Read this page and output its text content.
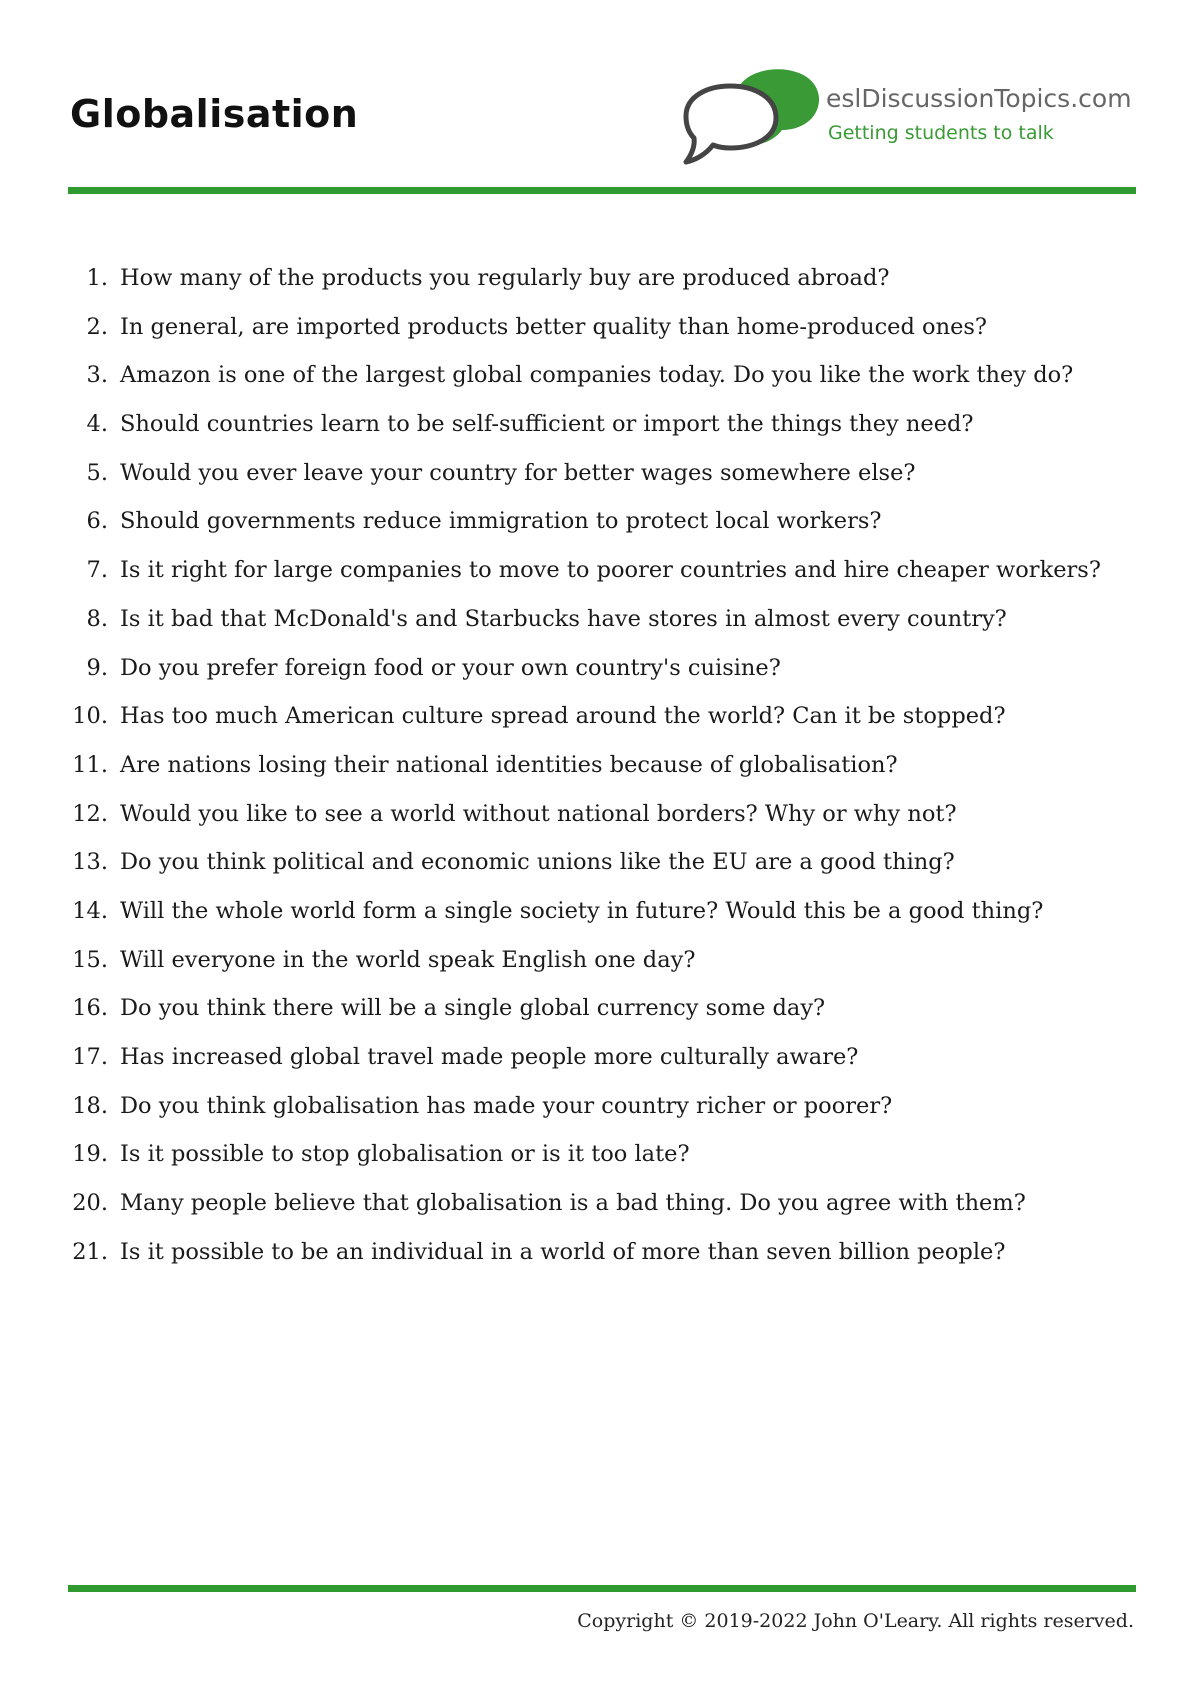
Globalisation	eslDiscussionTopics.com
Getting students to talk
1. How many of the products you regularly buy are produced abroad?
2. In general, are imported products better quality than home-produced ones?
3. Amazon is one of the largest global companies today. Do you like the work they do?
4. Should countries learn to be self-sufficient or import the things they need?
5. Would you ever leave your country for better wages somewhere else?
6. Should governments reduce immigration to protect local workers?
7. Is it right for large companies to move to poorer countries and hire cheaper workers?
8. Is it bad that McDonald's and Starbucks have stores in almost every country?
9. Do you prefer foreign food or your own country's cuisine?
10. Has too much American culture spread around the world? Can it be stopped?
11. Are nations losing their national identities because of globalisation?
12. Would you like to see a world without national borders? Why or why not?
13. Do you think political and economic unions like the EU are a good thing?
14. Will the whole world form a single society in future? Would this be a good thing?
15. Will everyone in the world speak English one day?
16. Do you think there will be a single global currency some day?
17. Has increased global travel made people more culturally aware?
18. Do you think globalisation has made your country richer or poorer?
19. Is it possible to stop globalisation or is it too late?
20. Many people believe that globalisation is a bad thing. Do you agree with them?
21. Is it possible to be an individual in a world of more than seven billion people?
Copyright © 2019-2022 John O'Leary. All rights reserved.
